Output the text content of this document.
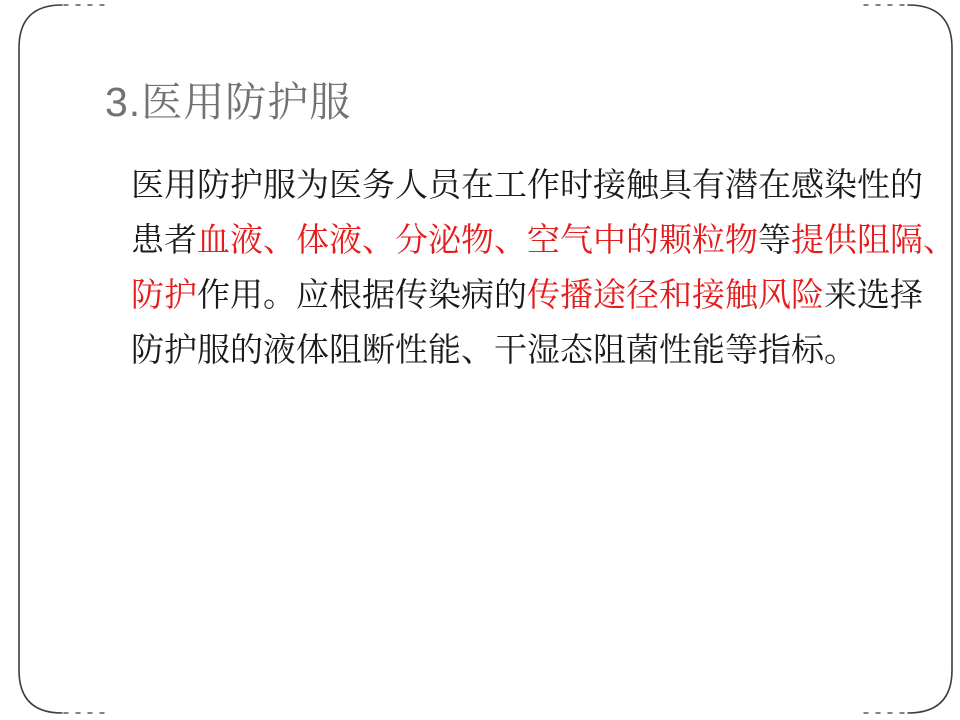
3.医用防护服
医用防护服为医务人员在工作时接触具有潜在感染性的
患者血液、体液、分泌物、空气中的颗粒物等提供阻隔、
防护作用。应根据传染病的传播途径和接触风险来选择
防护服的液体阻断性能、干湿态阻菌性能等指标。
